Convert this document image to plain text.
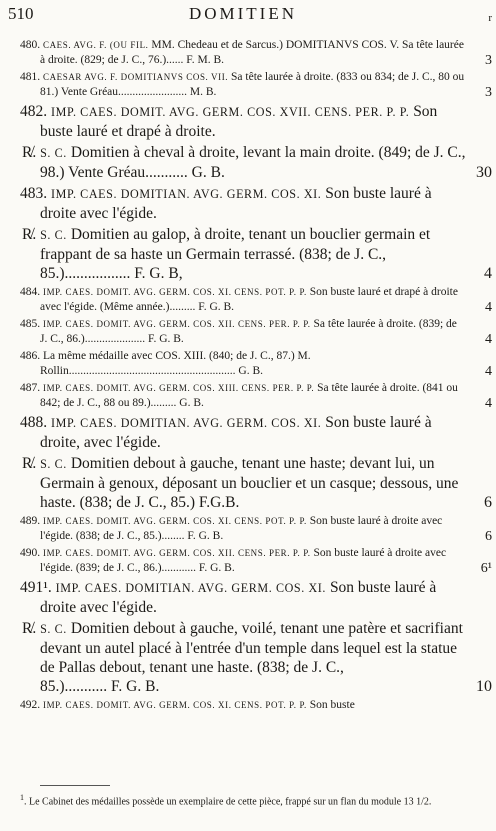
510	DOMITIEN	r
480. CAES. AVG. F. (OU FIL. MM. Chedeau et de Sarcus.) DOMITIANVS COS. V. Sa tête laurée à droite. (829; de J. C., 76.)...... F. M. B.	3
481. CAESAR AVG. F. DOMITIANVS COS. VII. Sa tête laurée à droite. (833 ou 834; de J. C., 80 ou 81.) Vente Gréau........................ M. B.	3
482. IMP. CAES. DOMIT. AVG. GERM. COS. XVII. CENS. PER. P. P. Son buste lauré et drapé à droite.
R̸. S. C. Domitien à cheval à droite, levant la main droite. (849; de J. C., 98.) Vente Gréau........... G. B.	30
483. IMP. CAES. DOMITIAN. AVG. GERM. COS. XI. Son buste lauré à droite avec l'égide.
R̸. S. C. Domitien au galop, à droite, tenant un bouclier germain et frappant de sa haste un Germain terrassé. (838; de J. C., 85.)................. F. G. B,	4
484. IMP. CAES. DOMIT. AVG. GERM. COS. XI. CENS. POT. P. P. Son buste lauré et drapé à droite avec l'égide. (Même année.)......... F. G. B.	4
485. IMP. CAES. DOMIT. AVG. GERM. COS. XII. CENS. PER. P. P. Sa tête laurée à droite. (839; de J. C., 86.)..................... F. G. B.	4
486. La même médaille avec COS. XIII. (840; de J. C., 87.) M. Rollin.......................................................... G. B.	4
487. IMP. CAES. DOMIT. AVG. GERM. COS. XIII. CENS. PER. P. P. Sa tête laurée à droite. (841 ou 842; de J. C., 88 ou 89.)......... G. B.	4
488. IMP. CAES. DOMITIAN. AVG. GERM. COS. XI. Son buste lauré à droite, avec l'égide.
R̸. S. C. Domitien debout à gauche, tenant une haste; devant lui, un Germain à genoux, déposant un bouclier et un casque; dessous, une haste. (838; de J. C., 85.) F.G.B.	6
489. IMP. CAES. DOMIT. AVG. GERM. COS. XI. CENS. POT. P. P. Son buste lauré à droite avec l'égide. (838; de J. C., 85.)........ F. G. B.	6
490. IMP. CAES. DOMIT. AVG. GERM. COS. XII. CENS. PER. P. P. Son buste lauré à droite avec l'égide. (839; de J. C., 86.)............ F. G. B.	6¹
491¹. IMP. CAES. DOMITIAN. AVG. GERM. COS. XI. Son buste lauré à droite avec l'égide.
R̸. S. C. Domitien debout à gauche, voilé, tenant une patère et sacrifiant devant un autel placé à l'entrée d'un temple dans lequel est la statue de Pallas debout, tenant une haste. (838; de J. C., 85.)........... F. G. B.	10
492. IMP. CAES. DOMIT. AVG. GERM. COS. XI. CENS. POT. P. P. Son buste
$^1$. Le Cabinet des médailles possède un exemplaire de cette pièce, frappé sur un flan du module 13 1/2.
